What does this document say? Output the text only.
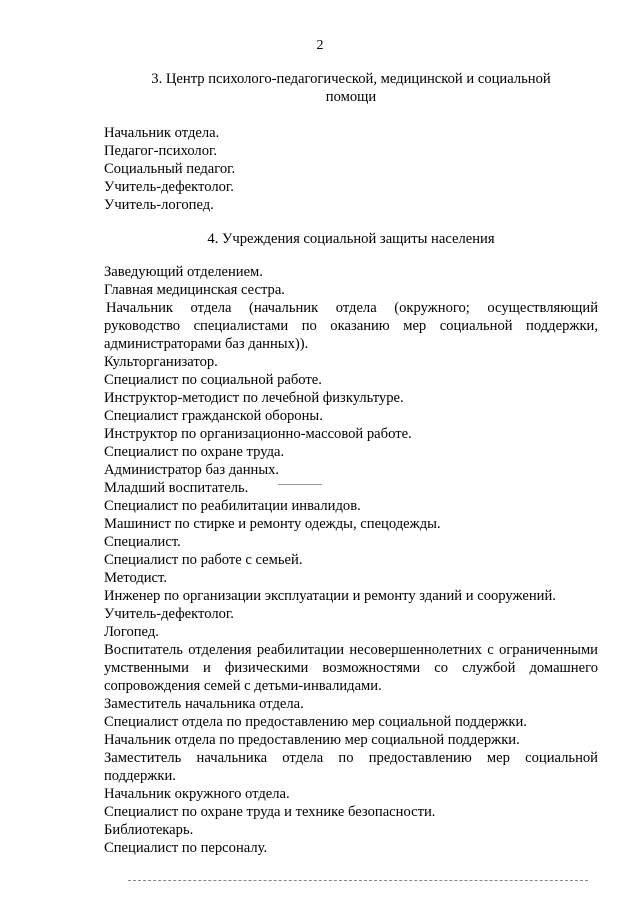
2
3. Центр психолого-педагогической, медицинской и социальной
помощи
Начальник отдела.
Педагог-психолог.
Социальный педагог.
Учитель-дефектолог.
Учитель-логопед.
4. Учреждения социальной защиты населения
Заведующий отделением.
Главная медицинская сестра.
Начальник отдела (начальник отдела (окружного; осуществляющий руководство специалистами по оказанию мер социальной поддержки, администраторами баз данных)).
Культорганизатор.
Специалист по социальной работе.
Инструктор-методист по лечебной физкультуре.
Специалист гражданской обороны.
Инструктор по организационно-массовой работе.
Специалист по охране труда.
Администратор баз данных.
Младший воспитатель.
Специалист по реабилитации инвалидов.
Машинист по стирке и ремонту одежды, спецодежды.
Специалист.
Специалист по работе с семьей.
Методист.
Инженер по организации эксплуатации и ремонту зданий и сооружений.
Учитель-дефектолог.
Логопед.
Воспитатель отделения реабилитации несовершеннолетних с ограниченными умственными и физическими возможностями со службой домашнего сопровождения семей с детьми-инвалидами.
Заместитель начальника отдела.
Специалист отдела по предоставлению мер социальной поддержки.
Начальник отдела по предоставлению мер социальной поддержки.
Заместитель начальника отдела по предоставлению мер социальной поддержки.
Начальник окружного отдела.
Специалист по охране труда и технике безопасности.
Библиотекарь.
Специалист по персоналу.
